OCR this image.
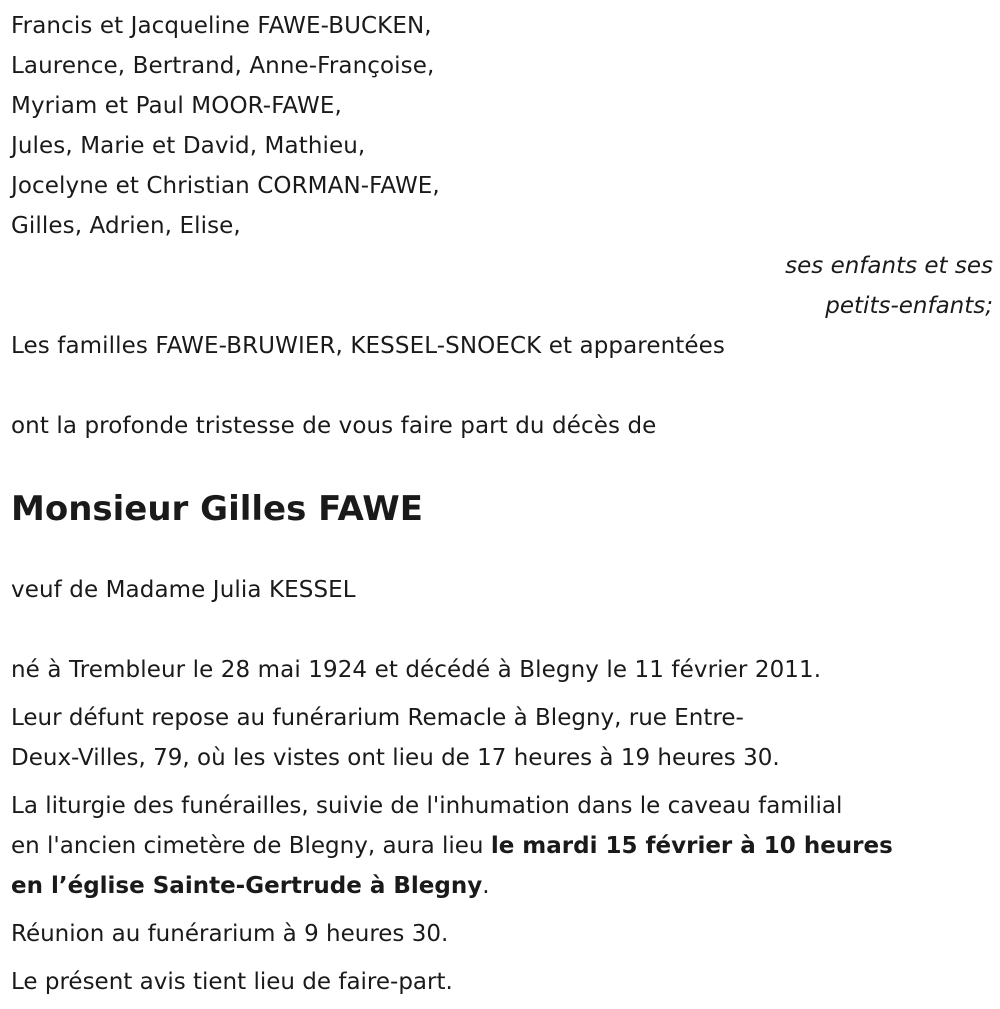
Francis et Jacqueline FAWE-BUCKEN,
Laurence, Bertrand, Anne-Françoise,
Myriam et Paul MOOR-FAWE,
Jules, Marie et David, Mathieu,
Jocelyne et Christian CORMAN-FAWE,
Gilles, Adrien, Elise,
ses enfants et ses
petits-enfants;
Les familles FAWE-BRUWIER, KESSEL-SNOECK et apparentées
ont la profonde tristesse de vous faire part du décès de
Monsieur Gilles FAWE
veuf de Madame Julia KESSEL
né à Trembleur le 28 mai 1924 et décédé à Blegny le 11 février 2011.
Leur défunt repose au funérarium Remacle à Blegny, rue Entre-
Deux-Villes, 79, où les vistes ont lieu de 17 heures à 19 heures 30.
La liturgie des funérailles, suivie de l'inhumation dans le caveau familial
en l'ancien cimetère de Blegny, aura lieu le mardi 15 février à 10 heures
en l’église Sainte-Gertrude à Blegny.
Réunion au funérarium à 9 heures 30.
Le présent avis tient lieu de faire-part.
